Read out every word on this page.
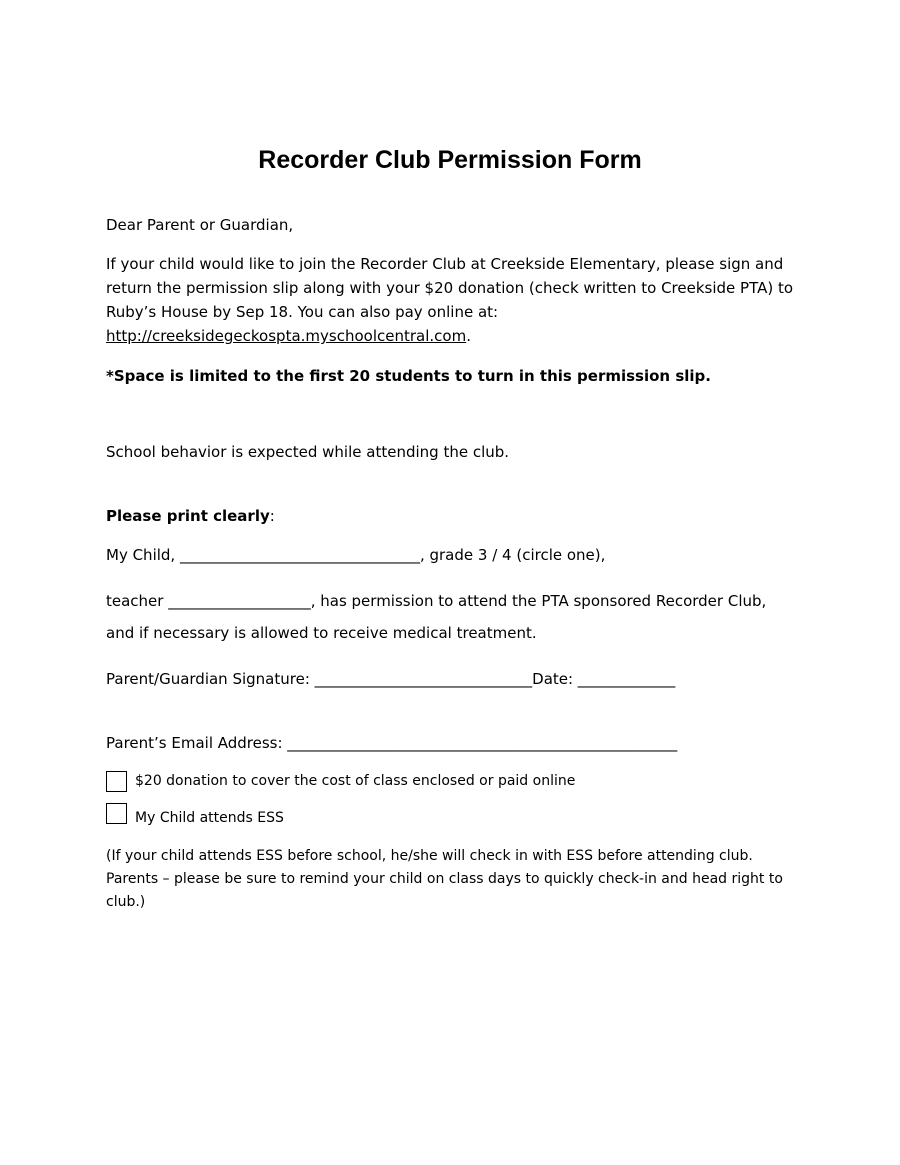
Recorder Club Permission Form
Dear Parent or Guardian,
If your child would like to join the Recorder Club at Creekside Elementary, please sign and
return the permission slip along with your $20 donation (check written to Creekside PTA) to
Ruby’s House by Sep 18. You can also pay online at:
http://creeksidegeckospta.myschoolcentral.com.
*Space is limited to the first 20 students to turn in this permission slip.
School behavior is expected while attending the club.
Please print clearly:
My Child, ________________________________, grade 3 / 4 (circle one),
teacher ___________________, has permission to attend the PTA sponsored Recorder Club,
and if necessary is allowed to receive medical treatment.
Parent/Guardian Signature: _____________________________Date: _____________
Parent’s Email Address: ____________________________________________________
$20 donation to cover the cost of class enclosed or paid online
My Child attends ESS
(If your child attends ESS before school, he/she will check in with ESS before attending club. Parents – please be sure to remind your child on class days to quickly check-in and head right to club.)
